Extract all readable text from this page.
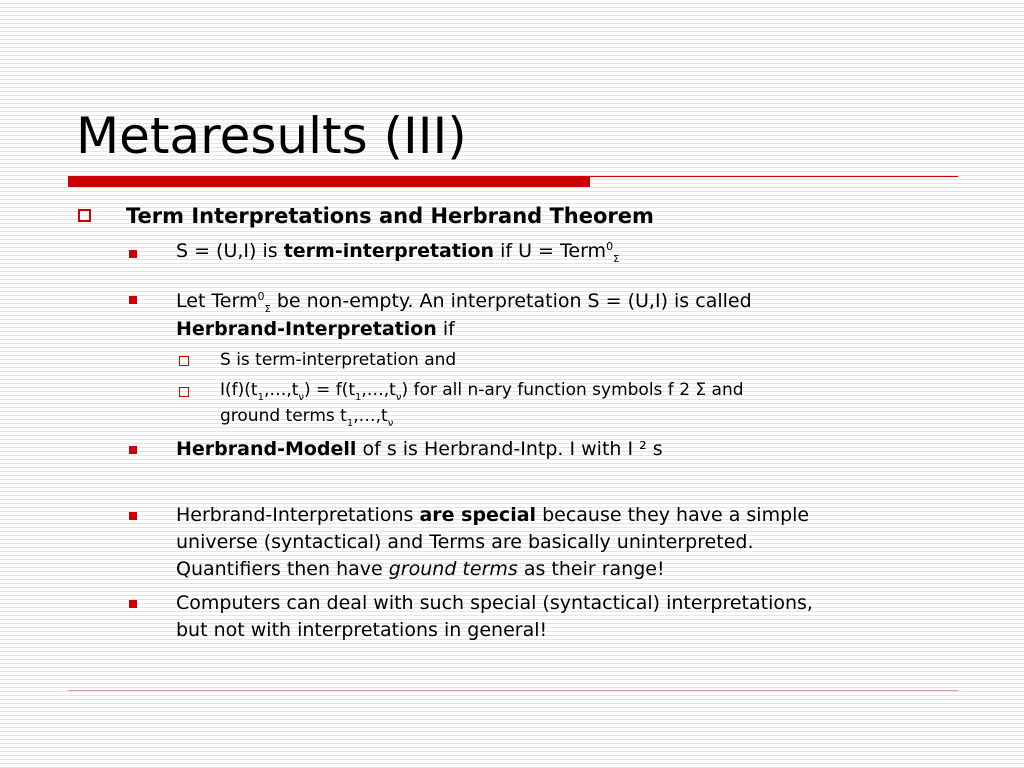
Metaresults (III)
Term Interpretations and Herbrand Theorem
S = (U,I) is term-interpretation if U = Term$^0_\Sigma$
Let Term$^0_\Sigma$ be non-empty. An interpretation S = (U,I) is called
Herbrand-Interpretation if
S is term-interpretation and
$I(f)(t_1,\dots,t_\nu)$ = $f(t_1,\dots,t_\nu)$ for all n-ary function symbols f 2 Σ and
ground terms $t_1,\dots,t_\nu$
Herbrand-Modell of s is Herbrand-Intp. I with I ² s
Herbrand-Interpretations are special because they have a simple
universe (syntactical) and Terms are basically uninterpreted.
Quantifiers then have ground terms as their range!
Computers can deal with such special (syntactical) interpretations,
but not with interpretations in general!
